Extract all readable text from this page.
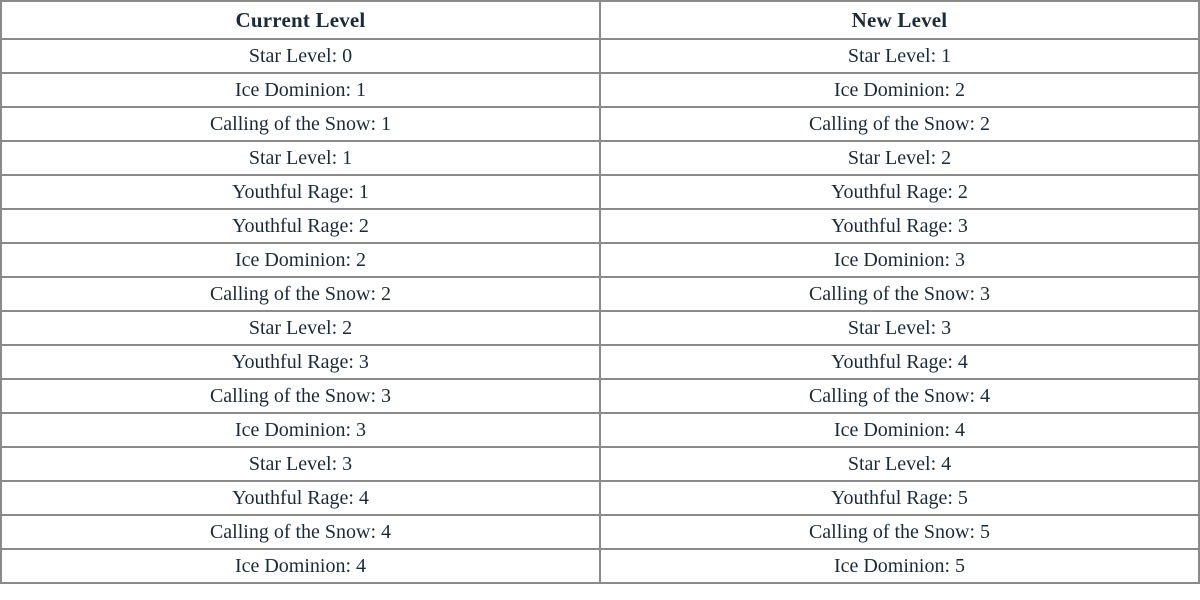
Current Level	New Level
Star Level: 0	Star Level: 1
Ice Dominion: 1	Ice Dominion: 2
Calling of the Snow: 1	Calling of the Snow: 2
Star Level: 1	Star Level: 2
Youthful Rage: 1	Youthful Rage: 2
Youthful Rage: 2	Youthful Rage: 3
Ice Dominion: 2	Ice Dominion: 3
Calling of the Snow: 2	Calling of the Snow: 3
Star Level: 2	Star Level: 3
Youthful Rage: 3	Youthful Rage: 4
Calling of the Snow: 3	Calling of the Snow: 4
Ice Dominion: 3	Ice Dominion: 4
Star Level: 3	Star Level: 4
Youthful Rage: 4	Youthful Rage: 5
Calling of the Snow: 4	Calling of the Snow: 5
Ice Dominion: 4	Ice Dominion: 5
